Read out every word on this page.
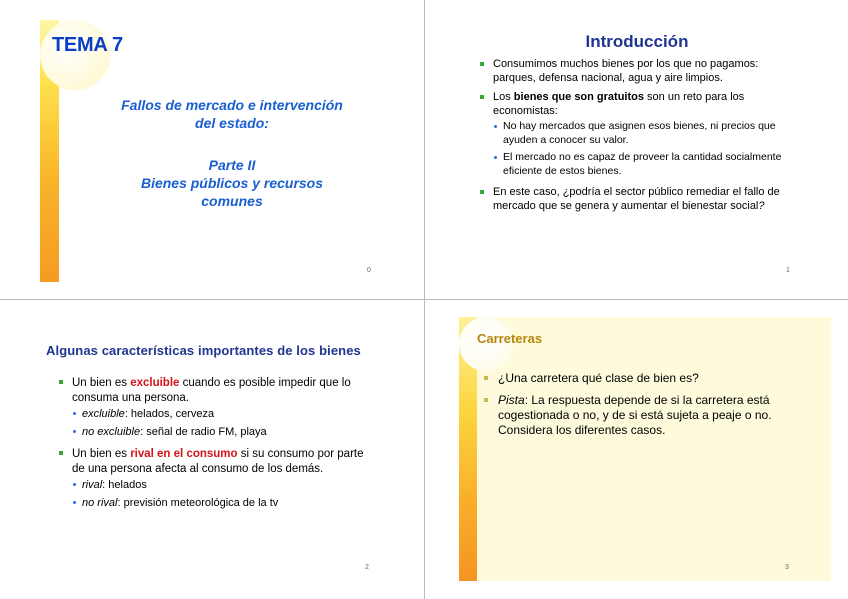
TEMA 7
Fallos de mercado e intervención
del estado:
Parte II
Bienes públicos y recursos
comunes
0
Introducción
Consumimos muchos bienes por los que no pagamos: parques, defensa nacional, agua y aire limpios.
Los bienes que son gratuitos son un reto para los economistas:
No hay mercados que asignen esos bienes, ni precios que ayuden a conocer su valor.
El mercado no es capaz de proveer la cantidad socialmente eficiente de estos bienes.
En este caso, ¿podría el sector público remediar el fallo de mercado que se genera y aumentar el bienestar social?
1
Algunas características importantes de los bienes
Un bien es excluible cuando es posible impedir que lo consuma una persona.
excluible: helados, cerveza
no excluible: señal de radio FM, playa
Un bien es rival en el consumo si su consumo por parte de una persona afecta al consumo de los demás.
rival: helados
no rival: previsión meteorológica de la tv
2
Carreteras
¿Una carretera qué clase de bien es?
Pista: La respuesta depende de si la carretera está cogestionada o no, y de si está sujeta a peaje o no. Considera los diferentes casos.
3
